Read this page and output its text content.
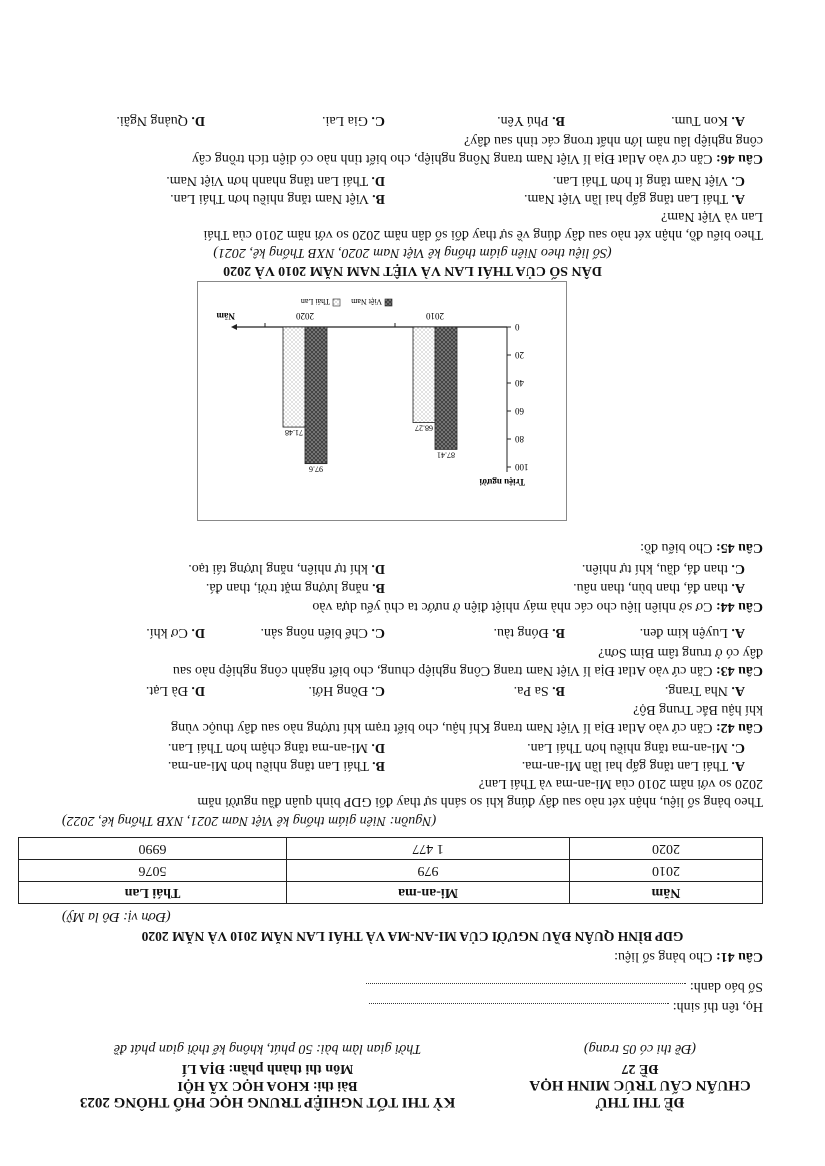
ĐỀ THI THỬ
CHUẨN CẤU TRÚC MINH HỌA
ĐỀ 27
(Đề thi có 05 trang)
KỲ THI TỐT NGHIỆP TRUNG HỌC PHỔ THÔNG 2023
Bài thi: KHOA HỌC XÃ HỘI
Môn thi thành phần: ĐỊA LÍ
Thời gian làm bài: 50 phút, không kể thời gian phát đề
Họ, tên thí sinh:
Số báo danh:
Câu 41: Cho bảng số liệu:
GDP BÌNH QUÂN ĐẦU NGƯỜI CỦA MI-AN-MA VÀ THÁI LAN NĂM 2010 VÀ NĂM 2020
(Đơn vị: Đô la Mỹ)
Năm	Mi-an-ma	Thái Lan
2010	979	5076
2020	1 477	6990
(Nguồn: Niên giám thống kê Việt Nam 2021, NXB Thống kê, 2022)
Theo bảng số liệu, nhận xét nào sau đây đúng khi so sánh sự thay đổi GDP bình quân đầu người năm
2020 so với năm 2010 của Mi-an-ma và Thái Lan?
A. Thái Lan tăng gấp hai lần Mi-an-ma.
B. Thái Lan tăng nhiều hơn Mi-an-ma.
C. Mi-an-ma tăng nhiều hơn Thái Lan.
D. Mi-an-ma tăng chậm hơn Thái Lan.
Câu 42: Căn cứ vào Atlat Địa lí Việt Nam trang Khí hậu, cho biết trạm khí tượng nào sau đây thuộc vùng
khí hậu Bắc Trung Bộ?
A. Nha Trang.
B. Sa Pa.
C. Đồng Hới.
D. Đà Lạt.
Câu 43: Căn cứ vào Atlat Địa lí Việt Nam trang Công nghiệp chung, cho biết ngành công nghiệp nào sau
đây có ở trung tâm Bỉm Sơn?
A. Luyện kim đen.
B. Đóng tàu.
C. Chế biến nông sản.
D. Cơ khí.
Câu 44: Cơ sở nhiên liệu cho các nhà máy nhiệt điện ở nước ta chủ yếu dựa vào
A. than đá, than bùn, than nâu.
B. năng lượng mặt trời, than đá.
C. than đá, dầu, khí tự nhiên.
D. khí tự nhiên, năng lượng tái tạo.
Câu 45: Cho biểu đồ:
0
20
40
60
80
100
Triệu người
Năm
87.41
68.27
2010
97.6
71.48
2020
Việt Nam
Thái Lan
DÂN SỐ CỦA THÁI LAN VÀ VIỆT NAM NĂM 2010 VÀ 2020
(Số liệu theo Niên giám thống kê Việt Nam 2020, NXB Thống kê, 2021)
Theo biểu đồ, nhận xét nào sau đây đúng về sự thay đổi số dân năm 2020 so với năm 2010 của Thái
Lan và Việt Nam?
A. Thái Lan tăng gấp hai lần Việt Nam.
B. Việt Nam tăng nhiều hơn Thái Lan.
C. Việt Nam tăng ít hơn Thái Lan.
D. Thái Lan tăng nhanh hơn Việt Nam.
Câu 46: Căn cứ vào Atlat Địa lí Việt Nam trang Nông nghiệp, cho biết tỉnh nào có diện tích trồng cây
công nghiệp lâu năm lớn nhất trong các tỉnh sau đây?
A. Kon Tum.
B. Phú Yên.
C. Gia Lai.
D. Quảng Ngãi.
